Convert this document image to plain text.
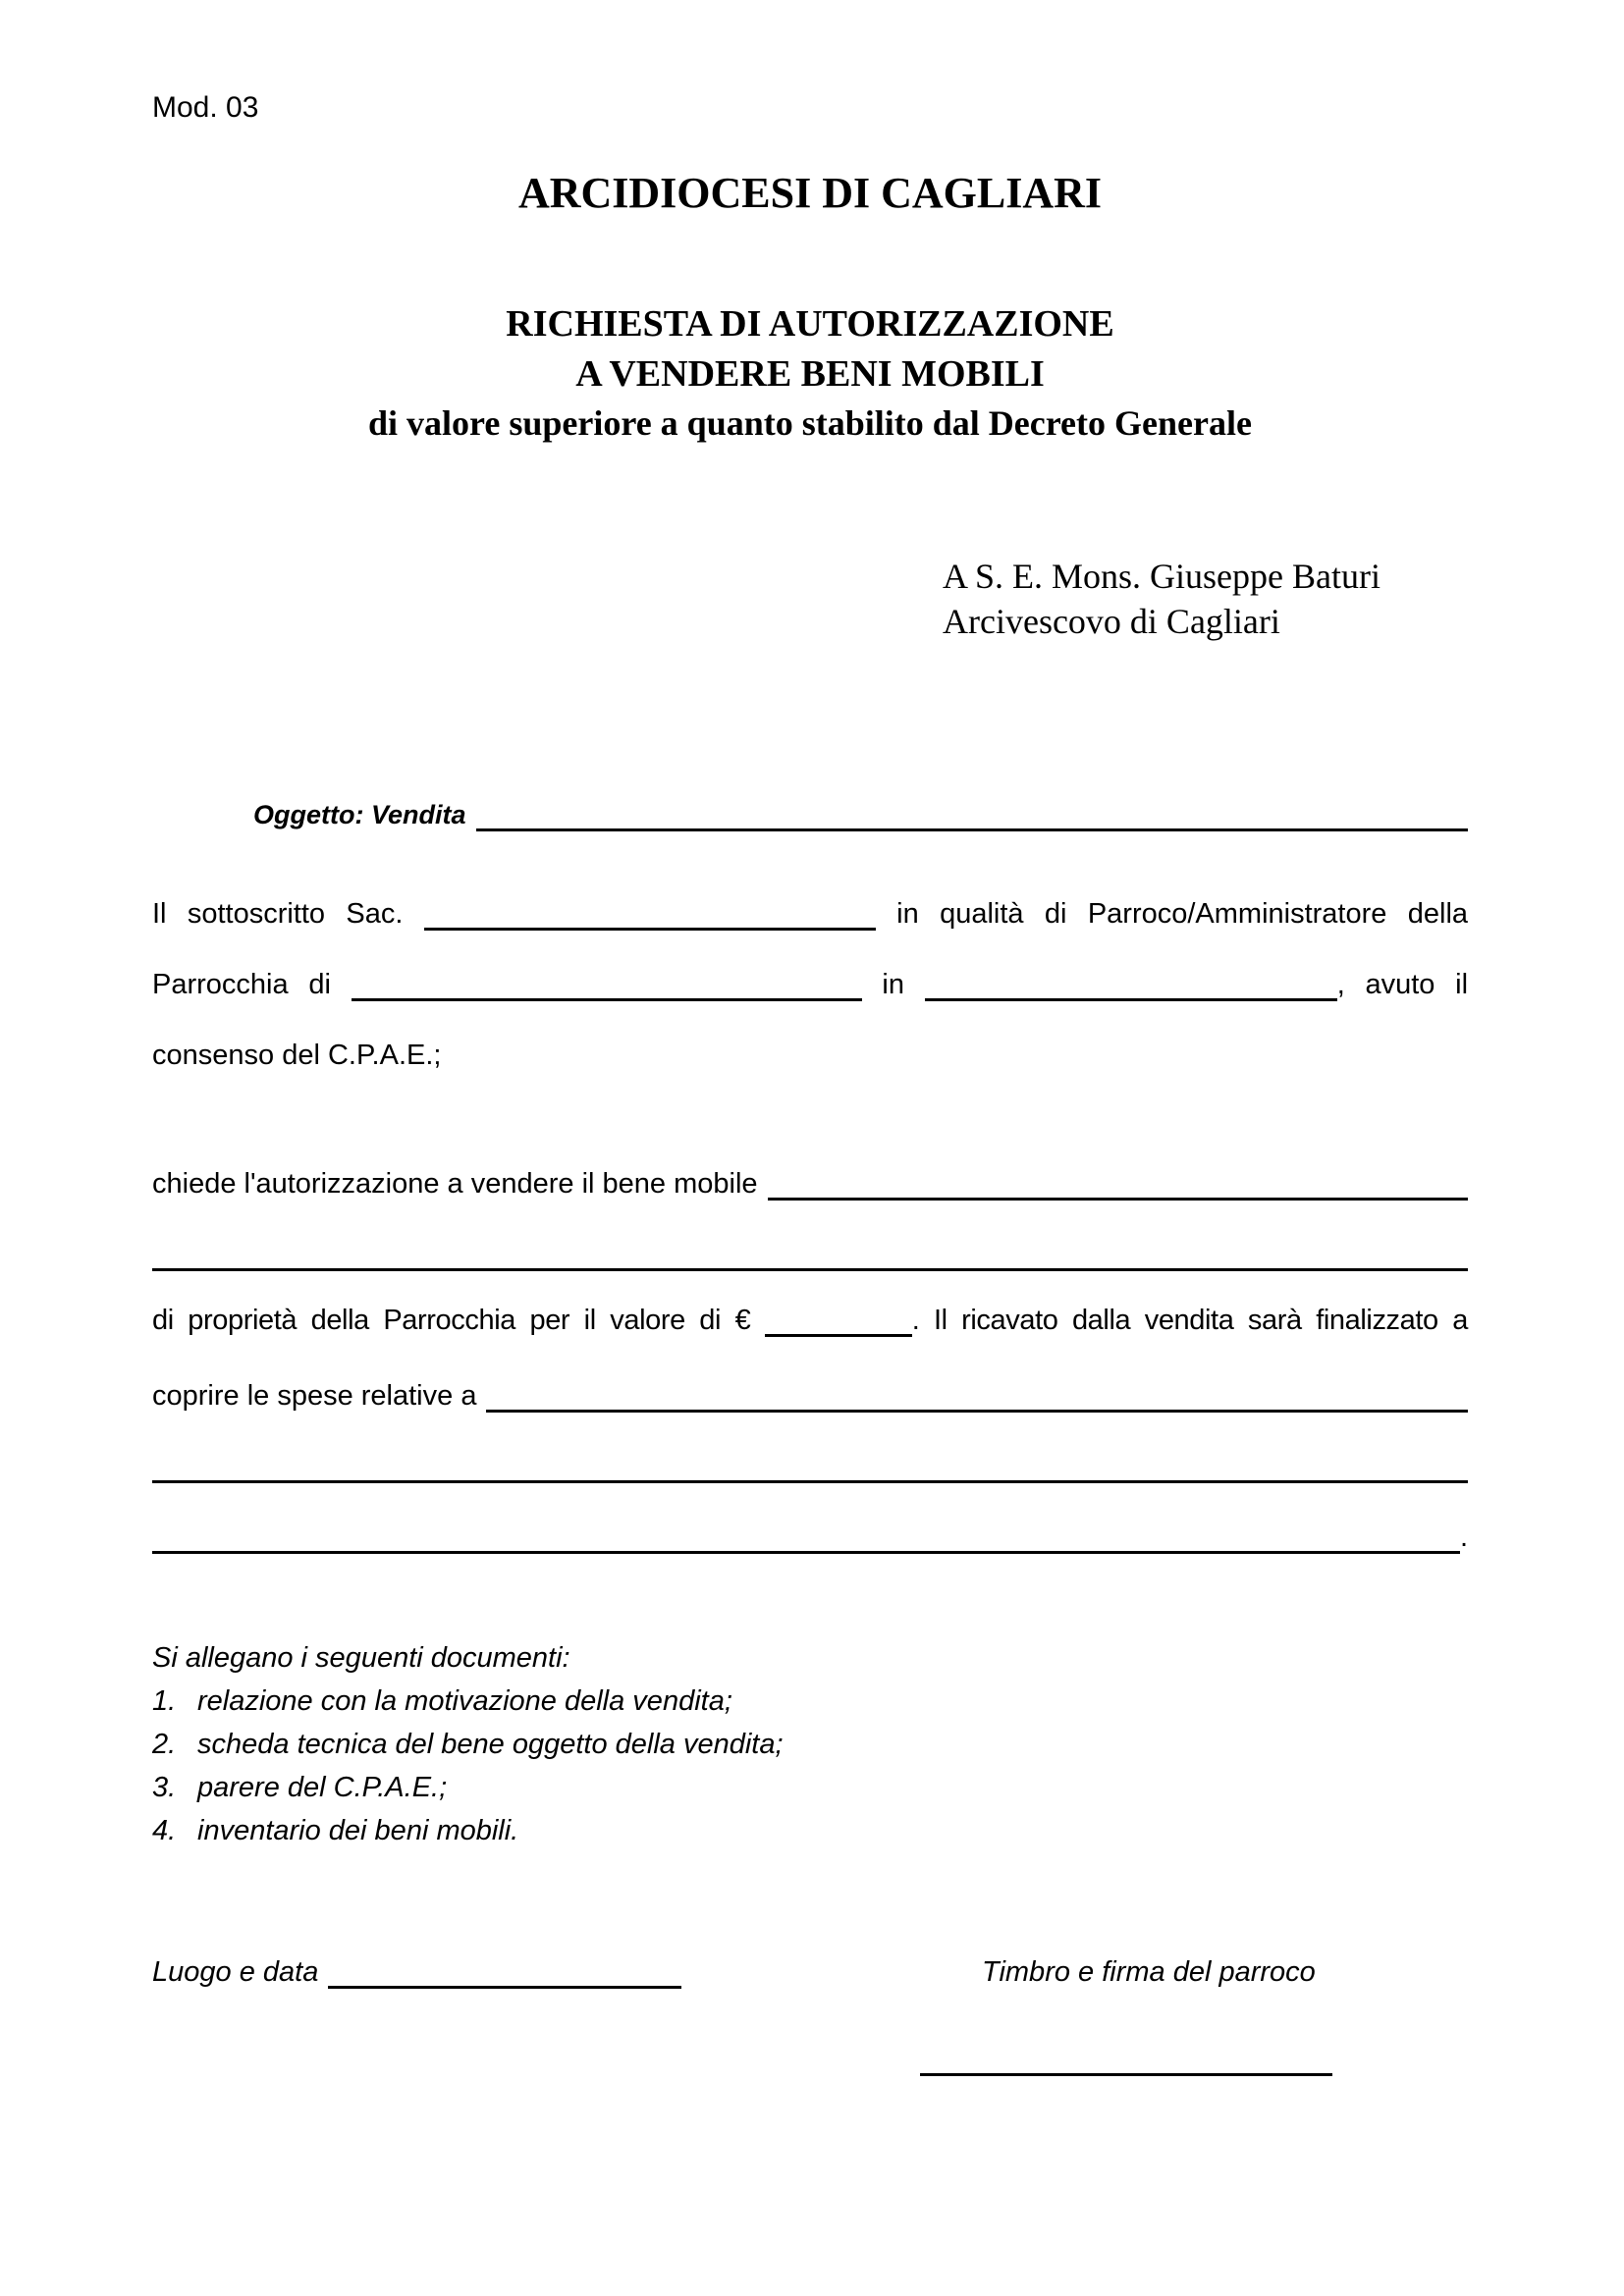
Mod. 03
ARCIDIOCESI DI CAGLIARI
RICHIESTA DI AUTORIZZAZIONE
A VENDERE BENI MOBILI
di valore superiore a quanto stabilito dal Decreto Generale
A S. E. Mons. Giuseppe Baturi
Arcivescovo di Cagliari
Oggetto: Vendita
Il sottoscritto Sac.	in qualità di Parroco/Amministratore della
Parrocchia di	in	, avuto il
consenso del C.P.A.E.;
chiede l'autorizzazione a vendere il bene mobile
di proprietà della Parrocchia per il valore di €	. Il ricavato dalla vendita sarà finalizzato a
coprire le spese relative a
.
Si allegano i seguenti documenti:
1. relazione con la motivazione della vendita;
2. scheda tecnica del bene oggetto della vendita;
3. parere del C.P.A.E.;
4. inventario dei beni mobili.
Luogo e data	Timbro e firma del parroco
